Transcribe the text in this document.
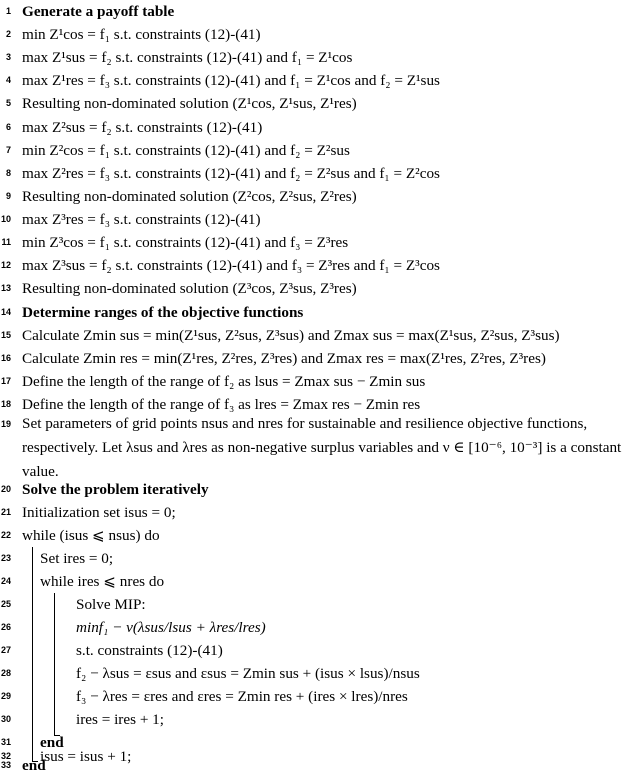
1 Generate a payoff table
2 min Z¹cos = f₁ s.t. constraints (12)-(41)
3 max Z¹sus = f₂ s.t. constraints (12)-(41) and f₁ = Z¹cos
4 max Z¹res = f₃ s.t. constraints (12)-(41) and f₁ = Z¹cos and f₂ = Z¹sus
5 Resulting non-dominated solution (Z¹cos, Z¹sus, Z¹res)
6 max Z²sus = f₂ s.t. constraints (12)-(41)
7 min Z²cos = f₁ s.t. constraints (12)-(41) and f₂ = Z²sus
8 max Z²res = f₃ s.t. constraints (12)-(41) and f₂ = Z²sus and f₁ = Z²cos
9 Resulting non-dominated solution (Z²cos, Z²sus, Z²res)
10 max Z³res = f₃ s.t. constraints (12)-(41)
11 min Z³cos = f₁ s.t. constraints (12)-(41) and f₃ = Z³res
12 max Z³sus = f₂ s.t. constraints (12)-(41) and f₃ = Z³res and f₁ = Z³cos
13 Resulting non-dominated solution (Z³cos, Z³sus, Z³res)
14 Determine ranges of the objective functions
15 Calculate Zmin sus = min(Z¹sus, Z²sus, Z³sus) and Zmax sus = max(Z¹sus, Z²sus, Z³sus)
16 Calculate Zmin res = min(Z¹res, Z²res, Z³res) and Zmax res = max(Z¹res, Z²res, Z³res)
17 Define the length of the range of f₂ as lsus = Zmax sus − Zmin sus
18 Define the length of the range of f₃ as lres = Zmax res − Zmin res
19 Set parameters of grid points nsus and nres for sustainable and resilience objective functions, respectively. Let λsus and λres as non-negative surplus variables and ν ∈ [10⁻⁶, 10⁻³] is a constant value.
20 Solve the problem iteratively
21 Initialization set isus = 0;
22 while (isus ⩽ nsus) do
23 Set ires = 0;
24 while ires ⩽ nres do
25	Solve MIP:
26	minf₁ − ν(λsus/lsus + λres/lres)
27	s.t. constraints (12)-(41)
28	f₂ − λsus = εsus and εsus = Zmin sus + (isus × lsus)/nsus
29	f₃ − λres = εres and εres = Zmin res + (ires × lres)/nres
30	ires = ires + 1;
31 end
32 isus = isus + 1;
33 end
